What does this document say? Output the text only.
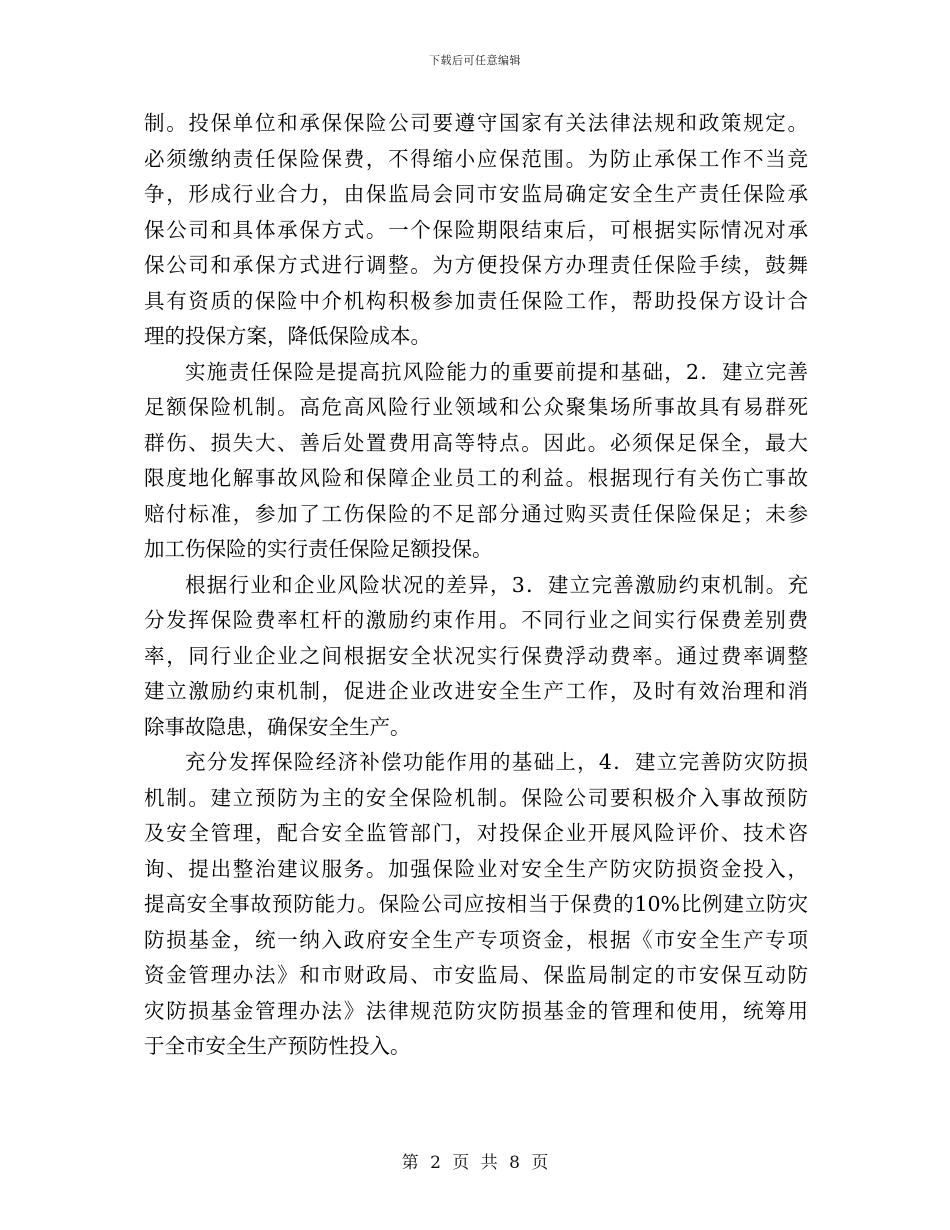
下载后可任意编辑
制。投保单位和承保保险公司要遵守国家有关法律法规和政策规定。
必须缴纳责任保险保费，不得缩小应保范围。为防止承保工作不当竞
争，形成行业合力，由保监局会同市安监局确定安全生产责任保险承
保公司和具体承保方式。一个保险期限结束后，可根据实际情况对承
保公司和承保方式进行调整。为方便投保方办理责任保险手续，鼓舞
具有资质的保险中介机构积极参加责任保险工作，帮助投保方设计合
理的投保方案，降低保险成本。
实施责任保险是提高抗风险能力的重要前提和基础，2．建立完善
足额保险机制。高危高风险行业领域和公众聚集场所事故具有易群死
群伤、损失大、善后处置费用高等特点。因此。必须保足保全，最大
限度地化解事故风险和保障企业员工的利益。根据现行有关伤亡事故
赔付标准，参加了工伤保险的不足部分通过购买责任保险保足；未参
加工伤保险的实行责任保险足额投保。
根据行业和企业风险状况的差异，3．建立完善激励约束机制。充
分发挥保险费率杠杆的激励约束作用。不同行业之间实行保费差别费
率，同行业企业之间根据安全状况实行保费浮动费率。通过费率调整
建立激励约束机制，促进企业改进安全生产工作，及时有效治理和消
除事故隐患，确保安全生产。
充分发挥保险经济补偿功能作用的基础上，4．建立完善防灾防损
机制。建立预防为主的安全保险机制。保险公司要积极介入事故预防
及安全管理，配合安全监管部门，对投保企业开展风险评价、技术咨
询、提出整治建议服务。加强保险业对安全生产防灾防损资金投入，
提高安全事故预防能力。保险公司应按相当于保费的10%比例建立防灾
防损基金，统一纳入政府安全生产专项资金，根据《市安全生产专项
资金管理办法》和市财政局、市安监局、保监局制定的市安保互动防
灾防损基金管理办法》法律规范防灾防损基金的管理和使用，统筹用
于全市安全生产预防性投入。
第 2 页 共 8 页
